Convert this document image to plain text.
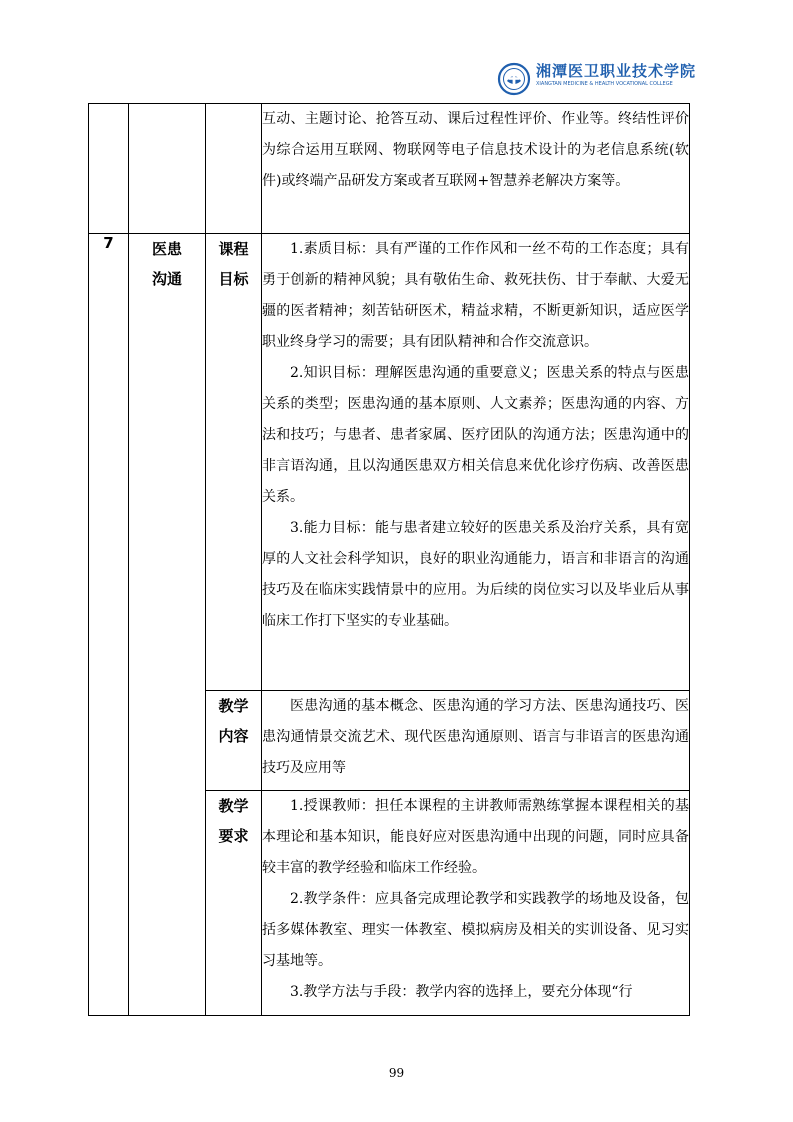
湘潭医卫职业技术学院
XIANGTAN MEDICINE & HEALTH VOCATIONAL COLLEGE

			互动、主题讨论、抢答互动、课后过程性评价、作业等。终结性评价为综合运用互联网、物联网等电子信息技术设计的为老信息系统(软件)或终端产品研发方案或者互联网+智慧养老解决方案等。

7	医患沟通	课程目标	1.素质目标：具有严谨的工作作风和一丝不苟的工作态度；具有勇于创新的精神风貌；具有敬佑生命、救死扶伤、甘于奉献、大爱无疆的医者精神；刻苦钻研医术，精益求精，不断更新知识，适应医学职业终身学习的需要；具有团队精神和合作交流意识。

2.知识目标：理解医患沟通的重要意义；医患关系的特点与医患关系的类型；医患沟通的基本原则、人文素养；医患沟通的内容、方法和技巧；与患者、患者家属、医疗团队的沟通方法；医患沟通中的非言语沟通，且以沟通医患双方相关信息来优化诊疗伤病、改善医患关系。

3.能力目标：能与患者建立较好的医患关系及治疗关系，具有宽厚的人文社会科学知识，良好的职业沟通能力，语言和非语言的沟通技巧及在临床实践情景中的应用。为后续的岗位实习以及毕业后从事临床工作打下坚实的专业基础。

		教学内容	医患沟通的基本概念、医患沟通的学习方法、医患沟通技巧、医患沟通情景交流艺术、现代医患沟通原则、语言与非语言的医患沟通技巧及应用等

		教学要求	1.授课教师：担任本课程的主讲教师需熟练掌握本课程相关的基本理论和基本知识，能良好应对医患沟通中出现的问题，同时应具备较丰富的教学经验和临床工作经验。

2.教学条件：应具备完成理论教学和实践教学的场地及设备，包括多媒体教室、理实一体教室、模拟病房及相关的实训设备、见习实习基地等。

3.教学方法与手段：教学内容的选择上，要充分体现“行

99
